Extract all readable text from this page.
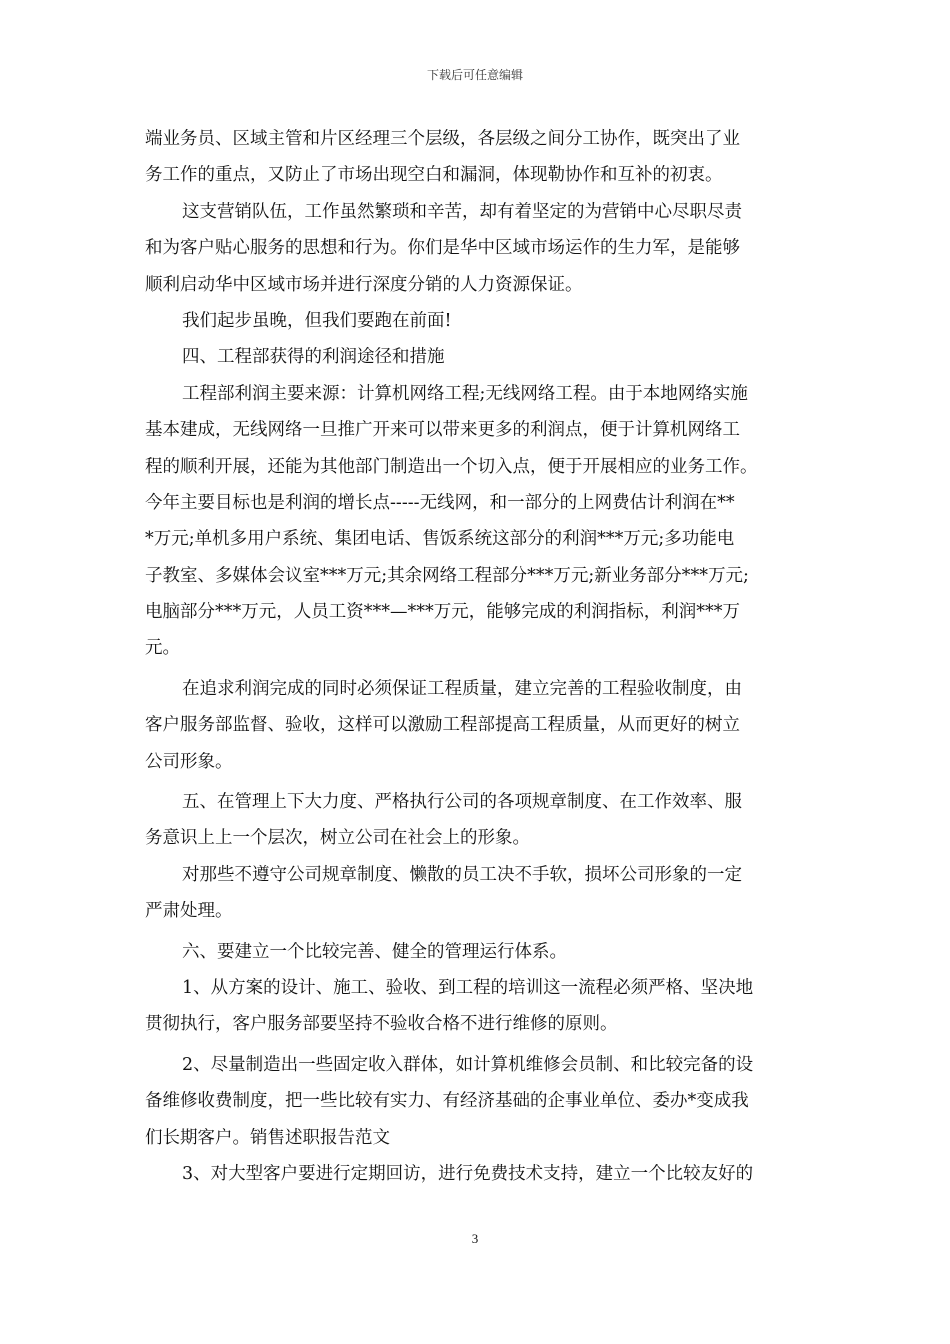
下载后可任意编辑
端业务员、区域主管和片区经理三个层级，各层级之间分工协作，既突出了业
务工作的重点，又防止了市场出现空白和漏洞，体现勒协作和互补的初衷。
这支营销队伍，工作虽然繁琐和辛苦，却有着坚定的为营销中心尽职尽责
和为客户贴心服务的思想和行为。你们是华中区域市场运作的生力军，是能够
顺利启动华中区域市场并进行深度分销的人力资源保证。
我们起步虽晚，但我们要跑在前面!
四、工程部获得的利润途径和措施
工程部利润主要来源：计算机网络工程;无线网络工程。由于本地网络实施
基本建成，无线网络一旦推广开来可以带来更多的利润点，便于计算机网络工
程的顺利开展，还能为其他部门制造出一个切入点，便于开展相应的业务工作。
今年主要目标也是利润的增长点-----无线网，和一部分的上网费估计利润在**
*万元;单机多用户系统、集团电话、售饭系统这部分的利润***万元;多功能电
子教室、多媒体会议室***万元;其余网络工程部分***万元;新业务部分***万元;
电脑部分***万元，人员工资***—***万元，能够完成的利润指标，利润***万
元。
在追求利润完成的同时必须保证工程质量，建立完善的工程验收制度，由
客户服务部监督、验收，这样可以激励工程部提高工程质量，从而更好的树立
公司形象。
五、在管理上下大力度、严格执行公司的各项规章制度、在工作效率、服
务意识上上一个层次，树立公司在社会上的形象。
对那些不遵守公司规章制度、懒散的员工决不手软，损坏公司形象的一定
严肃处理。
六、要建立一个比较完善、健全的管理运行体系。
1、从方案的设计、施工、验收、到工程的培训这一流程必须严格、坚决地
贯彻执行，客户服务部要坚持不验收合格不进行维修的原则。
2、尽量制造出一些固定收入群体，如计算机维修会员制、和比较完备的设
备维修收费制度，把一些比较有实力、有经济基础的企事业单位、委办*变成我
们长期客户。销售述职报告范文
3、对大型客户要进行定期回访，进行免费技术支持，建立一个比较友好的
3
